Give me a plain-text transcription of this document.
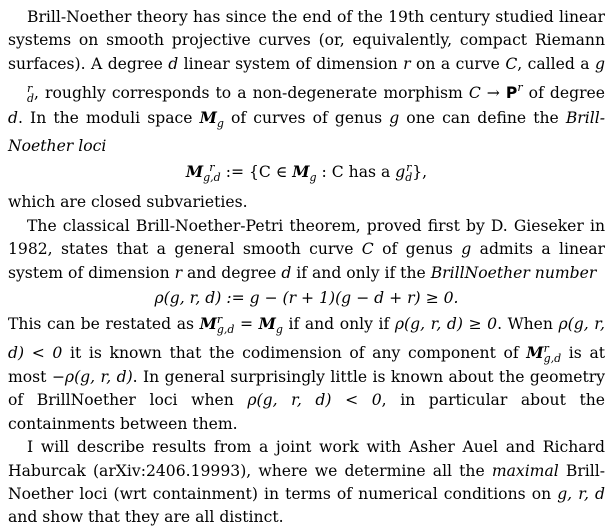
Brill-Noether theory has since the end of the 19th century studied linear systems on smooth projective curves (or, equivalently, compact Riemann surfaces). A degree d linear system of dimension r on a curve C, called a g
r
d , roughly corresponds to a non-degenerate morphism $C \to P^r$ of degree d. In the moduli space $M_g$ of curves of genus g one can define the Brill-Noether loci

M r
g,d := {C ∈ $M_g$ : C has a g r
d },

which are closed subvarieties.

The classical Brill-Noether-Petri theorem, proved first by D. Gieseker in 1982, states that a general smooth curve C of genus g admits a linear system of dimension r and degree d if and only if the BrillNoether number

ρ(g, r, d) := g − (r + 1)(g − d + r) ≥ 0.

This can be restated as M r
$g,d = M_g$ if and only if ρ(g, r, d) ≥ 0. When ρ(g, r, d) < 0 it is known that the codimension of any component of M r
g,d is at most −ρ(g, r, d). In general surprisingly little is known about the geometry of BrillNoether loci when ρ(g, r, d) < 0, in particular about the containments between them.

I will describe results from a joint work with Asher Auel and Richard Haburcak (arXiv:2406.19993), where we determine all the maximal Brill-Noether loci (wrt containment) in terms of numerical conditions on g, r, d and show that they are all distinct.
